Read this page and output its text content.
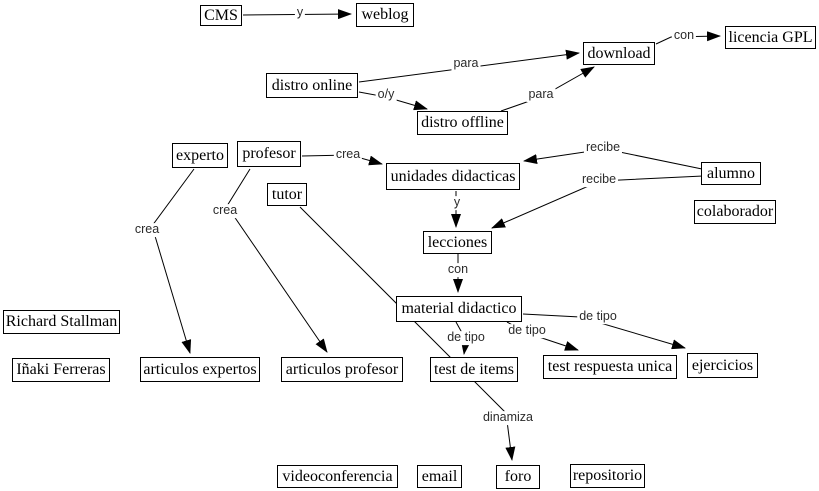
CMS	weblog
download
licencia GPL
distro online
distro offline
experto	profesor
tutor
unidades didacticas	alumno
colaborador
lecciones
material didactico
Richard Stallman
Iñaki Ferreras articulos expertos articulos profesor test de items test respuesta unica	ejercicios
videoconferencia	email	foro	repositorio
y
para
o/y	para
con
crea	recibe
recibe
y
con
de tipo de tipo
de tipo
crea
crea
dinamiza
